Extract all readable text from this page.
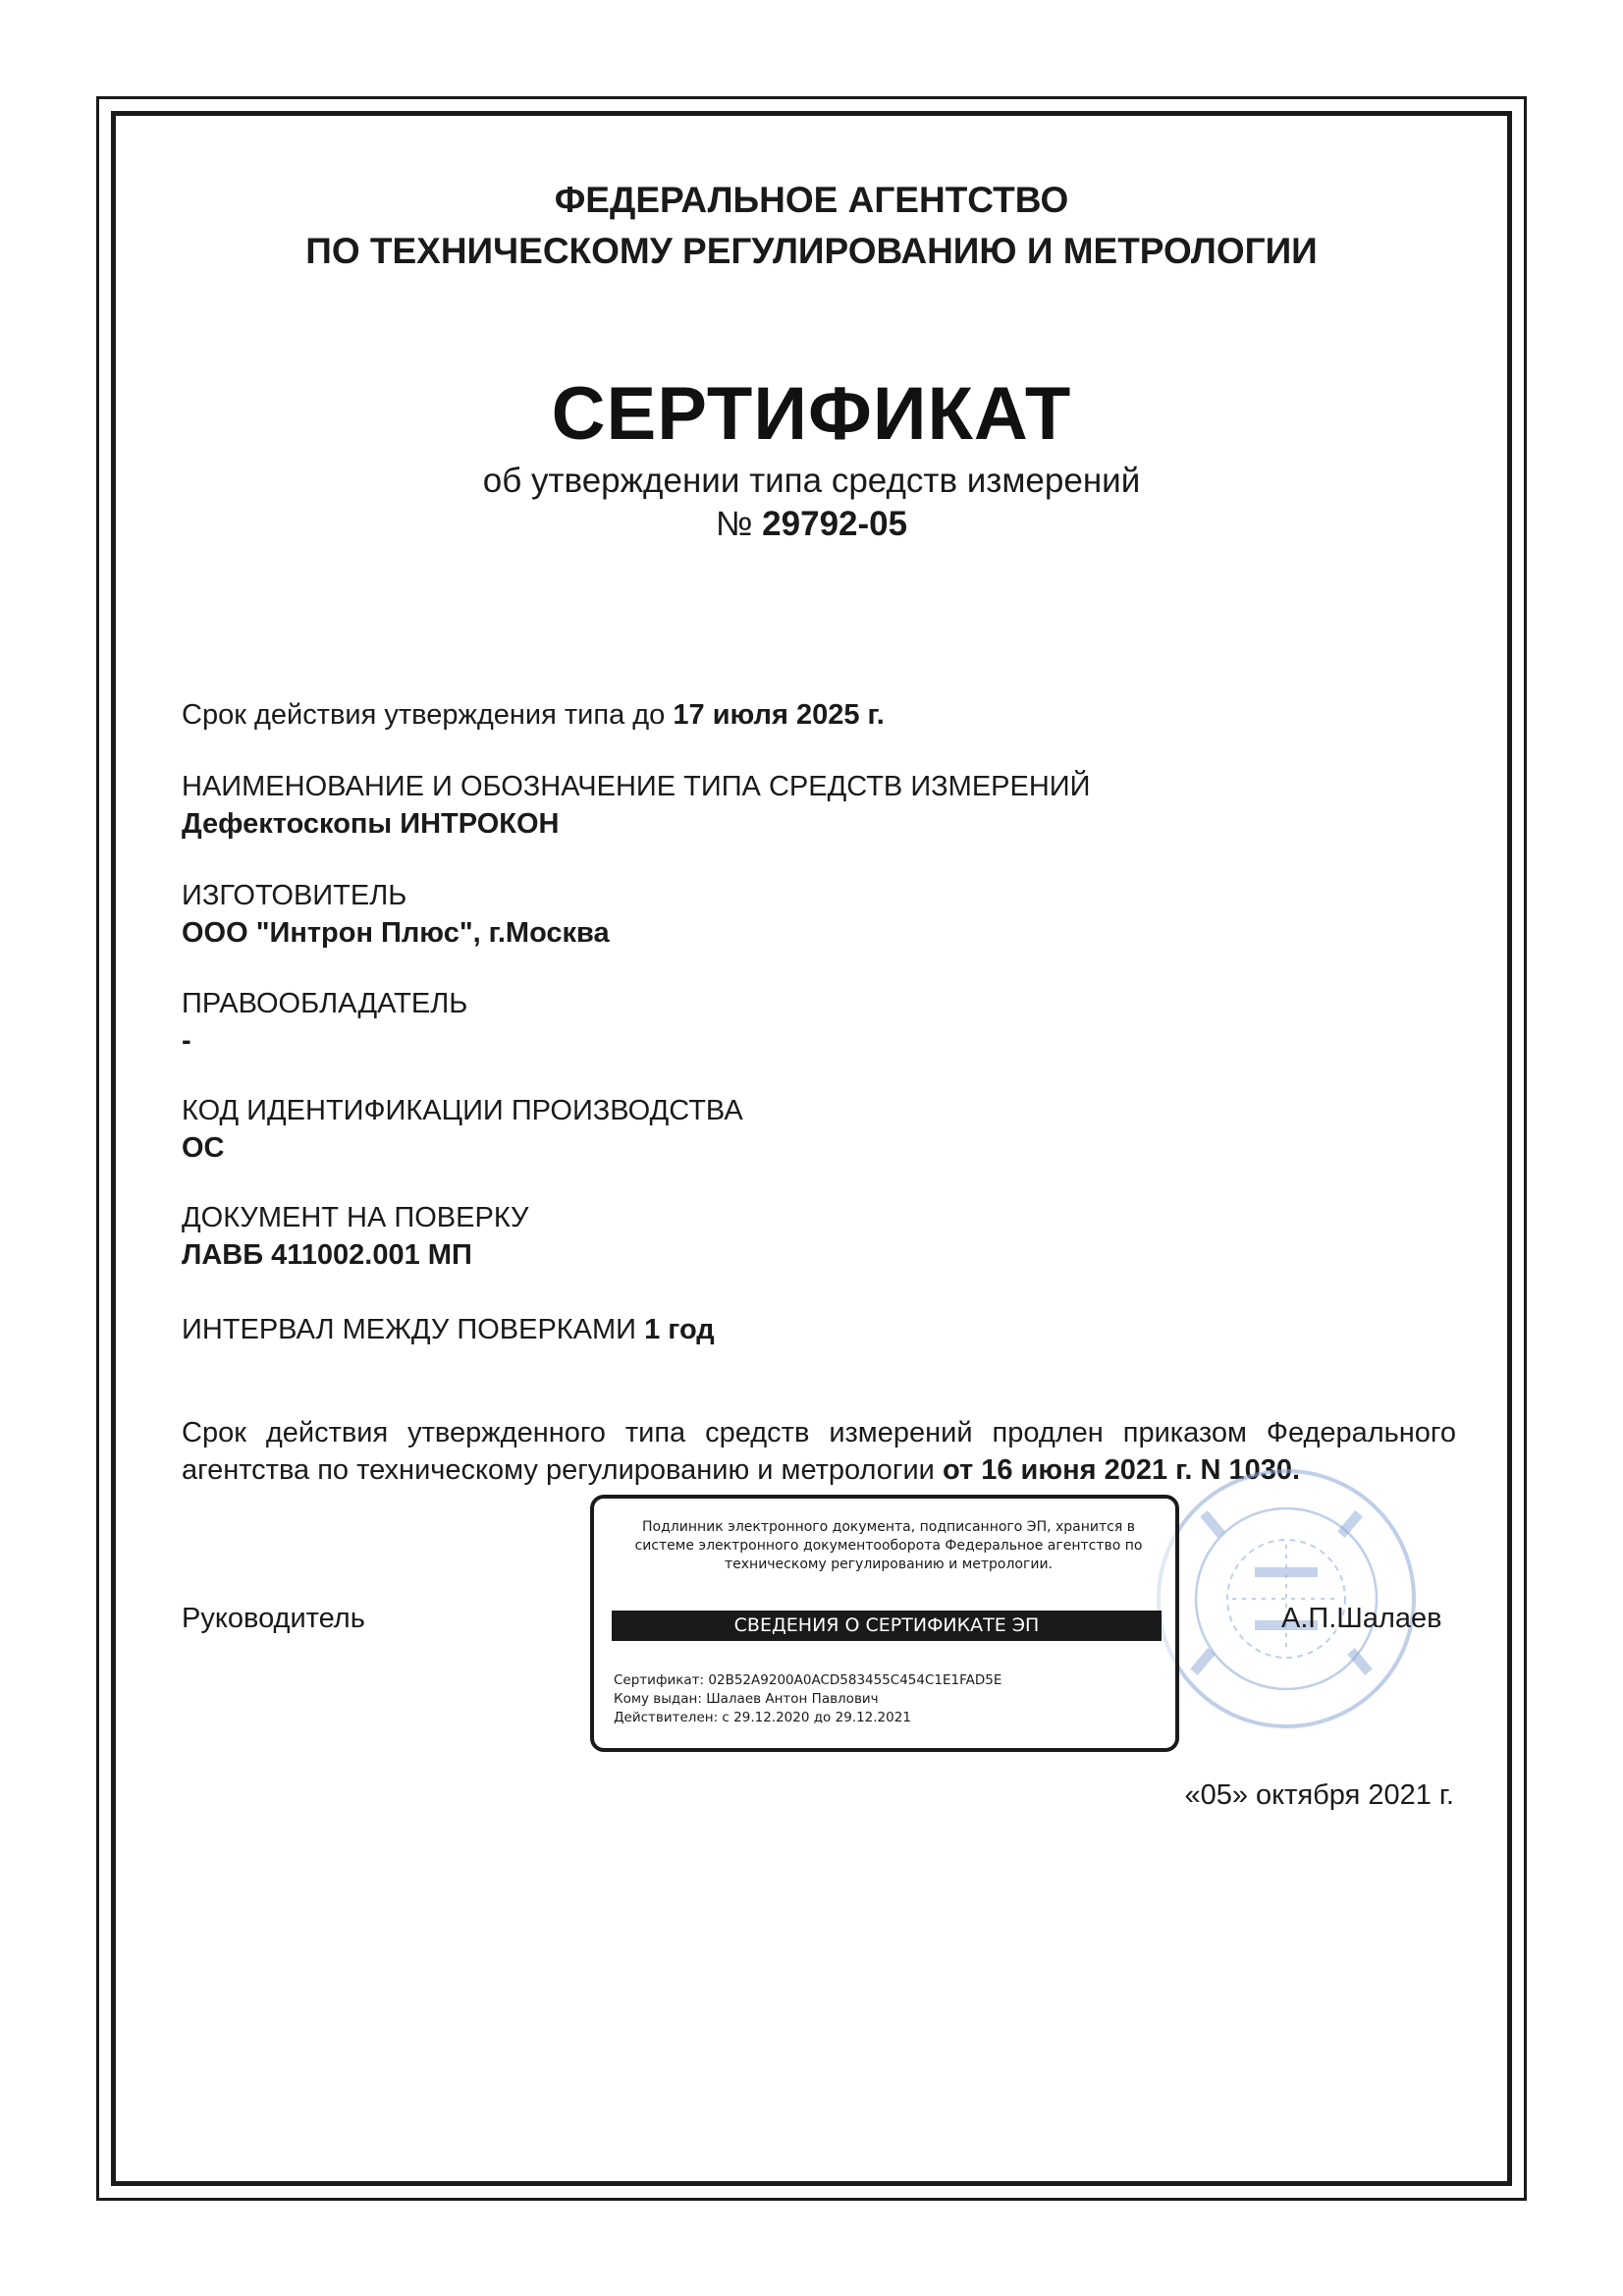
ФЕДЕРАЛЬНОЕ АГЕНТСТВО
ПО ТЕХНИЧЕСКОМУ РЕГУЛИРОВАНИЮ И МЕТРОЛОГИИ
СЕРТИФИКАТ
об утверждении типа средств измерений
№ 29792-05
Срок действия утверждения типа до 17 июля 2025 г.
НАИМЕНОВАНИЕ И ОБОЗНАЧЕНИЕ ТИПА СРЕДСТВ ИЗМЕРЕНИЙ
Дефектоскопы ИНТРОКОН
ИЗГОТОВИТЕЛЬ
ООО "Интрон Плюс", г.Москва
ПРАВООБЛАДАТЕЛЬ
-
КОД ИДЕНТИФИКАЦИИ ПРОИЗВОДСТВА
ОС
ДОКУМЕНТ НА ПОВЕРКУ
ЛАВБ 411002.001 МП
ИНТЕРВАЛ МЕЖДУ ПОВЕРКАМИ 1 год
Срок действия утвержденного типа средств измерений продлен приказом Федерального агентства по техническому регулированию и метрологии от 16 июня 2021 г. N 1030.
Подлинник электронного документа, подписанного ЭП, хранится в системе электронного документооборота Федеральное агентство по техническому регулированию и метрологии.
СВЕДЕНИЯ О СЕРТИФИКАТЕ ЭП
Сертификат: 02B52A9200A0ACD583455C454C1E1FAD5E
Кому выдан: Шалаев Антон Павлович
Действителен: с 29.12.2020 до 29.12.2021
Руководитель	А.П.Шалаев
«05» октября 2021 г.
